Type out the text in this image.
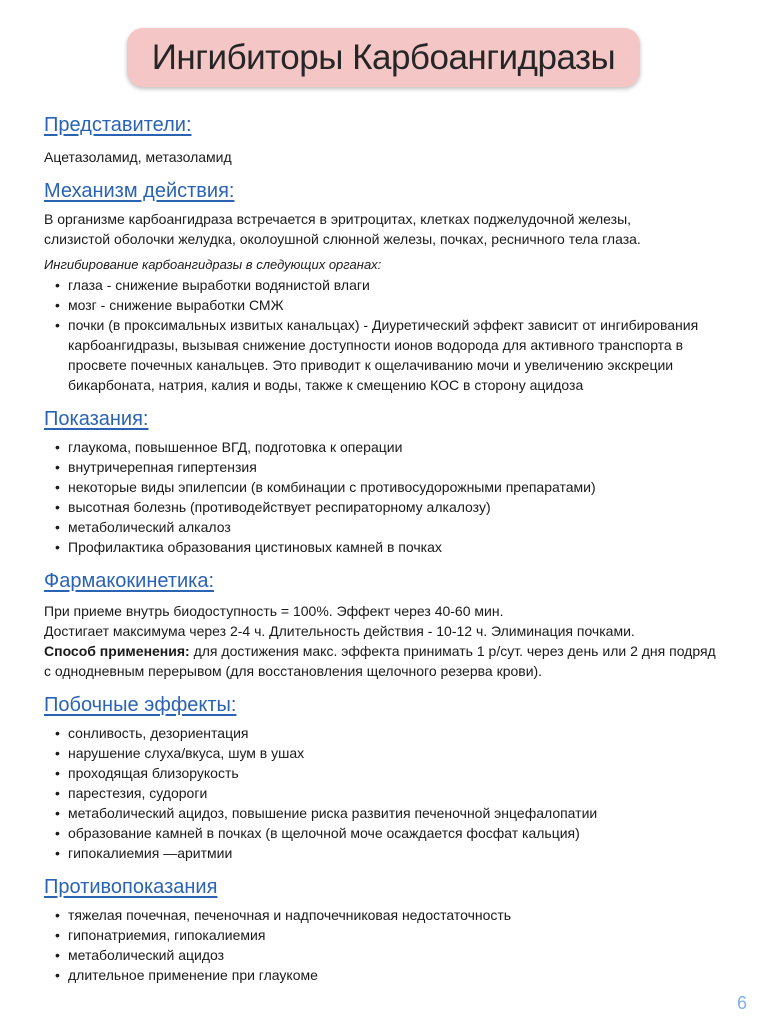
Ингибиторы Карбоангидразы
Представители:

Ацетазоламид, метазоламид

Механизм действия:

В организме карбоангидраза встречается в эритроцитах, клетках поджелудочной железы,

слизистой оболочки желудка, околоушной слюнной железы, почках, ресничного тела глаза.

Ингибирование карбоангидразы в следующих органах:

• глаза - снижение выработки водянистой влаги
• мозг - снижение выработки СМЖ
• почки (в проксимальных извитых канальцах) - Диуретический эффект зависит от ингибирования карбоангидразы, вызывая снижение доступности ионов водорода для активного транспорта в просвете почечных канальцев. Это приводит к ощелачиванию мочи и увеличению экскреции бикарбоната, натрия, калия и воды, также к смещению КОС в сторону ацидоза
Показания:
• глаукома, повышенное ВГД, подготовка к операции
• внутричерепная гипертензия
• некоторые виды эпилепсии (в комбинации с противосудорожными препаратами)
• высотная болезнь (противодействует респираторному алкалозу)
• метаболический алкалоз
• Профилактика образования цистиновых камней в почках
Фармакокинетика:

При приеме внутрь биодоступность = 100%. Эффект через 40-60 мин.

Достигает максимума через 2-4 ч. Длительность действия - 10-12 ч. Элиминация почками.

Способ применения: для достижения макс. эффекта принимать 1 р/сут. через день или 2 дня подряд с однодневным перерывом (для восстановления щелочного резерва крови).

Побочные эффекты:
• сонливость, дезориентация
• нарушение слуха/вкуса, шум в ушах
• проходящая близорукость
• парестезия, судороги
• метаболический ацидоз, повышение риска развития печеночной энцефалопатии
• образование камней в почках (в щелочной моче осаждается фосфат кальция)
• гипокалиемия —аритмии
Противопоказания
• тяжелая почечная, печеночная и надпочечниковая недостаточность
• гипонатриемия, гипокалиемия
• метаболический ацидоз
• длительное применение при глаукоме
6
